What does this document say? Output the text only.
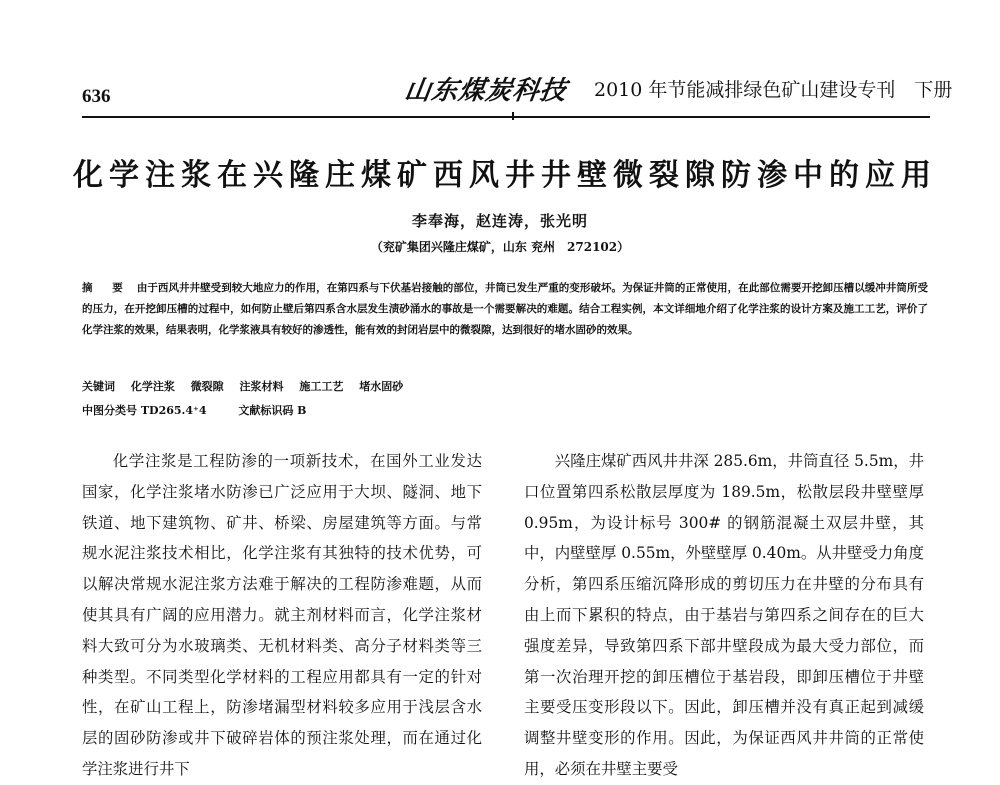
636	山东煤炭科技 2010 年节能减排绿色矿山建设专刊　下册
化学注浆在兴隆庄煤矿西风井井壁微裂隙防渗中的应用
李奉海，赵连涛，张光明
（兖矿集团兴隆庄煤矿，山东 兖州　272102）
摘 要 由于西风井井壁受到较大地应力的作用，在第四系与下伏基岩接触的部位，井筒已发生严重的变形破坏。为保证井筒的正常使用，在此部位需要开挖卸压槽以缓冲井筒所受的压力，在开挖卸压槽的过程中，如何防止壁后第四系含水层发生渍砂涌水的事故是一个需要解决的难题。结合工程实例，本文详细地介绍了化学注浆的设计方案及施工工艺，评价了化学注浆的效果，结果表明，化学浆液具有较好的渗透性，能有效的封闭岩层中的微裂隙，达到很好的堵水固砂的效果。
关键词 化学注浆 微裂隙 注浆材料 施工工艺 堵水固砂
中图分类号 TD265.4⁺4	文献标识码 B

化学注浆是工程防渗的一项新技术，在国外工业发达国家，化学注浆堵水防渗已广泛应用于大坝、隧洞、地下铁道、地下建筑物、矿井、桥梁、房屋建筑等方面。与常规水泥注浆技术相比，化学注浆有其独特的技术优势，可以解决常规水泥注浆方法难于解决的工程防渗难题，从而使其具有广阔的应用潜力。就主剂材料而言，化学注浆材料大致可分为水玻璃类、无机材料类、高分子材料类等三种类型。不同类型化学材料的工程应用都具有一定的针对性，在矿山工程上，防渗堵漏型材料较多应用于浅层含水层的固砂防渗或井下破碎岩体的预注浆处理，而在通过化学注浆进行井下

兴隆庄煤矿西风井井深 285.6m，井筒直径 5.5m，井口位置第四系松散层厚度为 189.5m，松散层段井壁壁厚 0.95m，为设计标号 300# 的钢筋混凝土双层井壁，其中，内壁壁厚 0.55m，外壁壁厚 0.40m。从井壁受力角度分析，第四系压缩沉降形成的剪切压力在井壁的分布具有由上而下累积的特点，由于基岩与第四系之间存在的巨大强度差异，导致第四系下部井壁段成为最大受力部位，而第一次治理开挖的卸压槽位于基岩段，即卸压槽位于井壁主要受压变形段以下。因此，卸压槽并没有真正起到减缓调整井壁变形的作用。因此，为保证西风井井筒的正常使用，必须在井壁主要受
